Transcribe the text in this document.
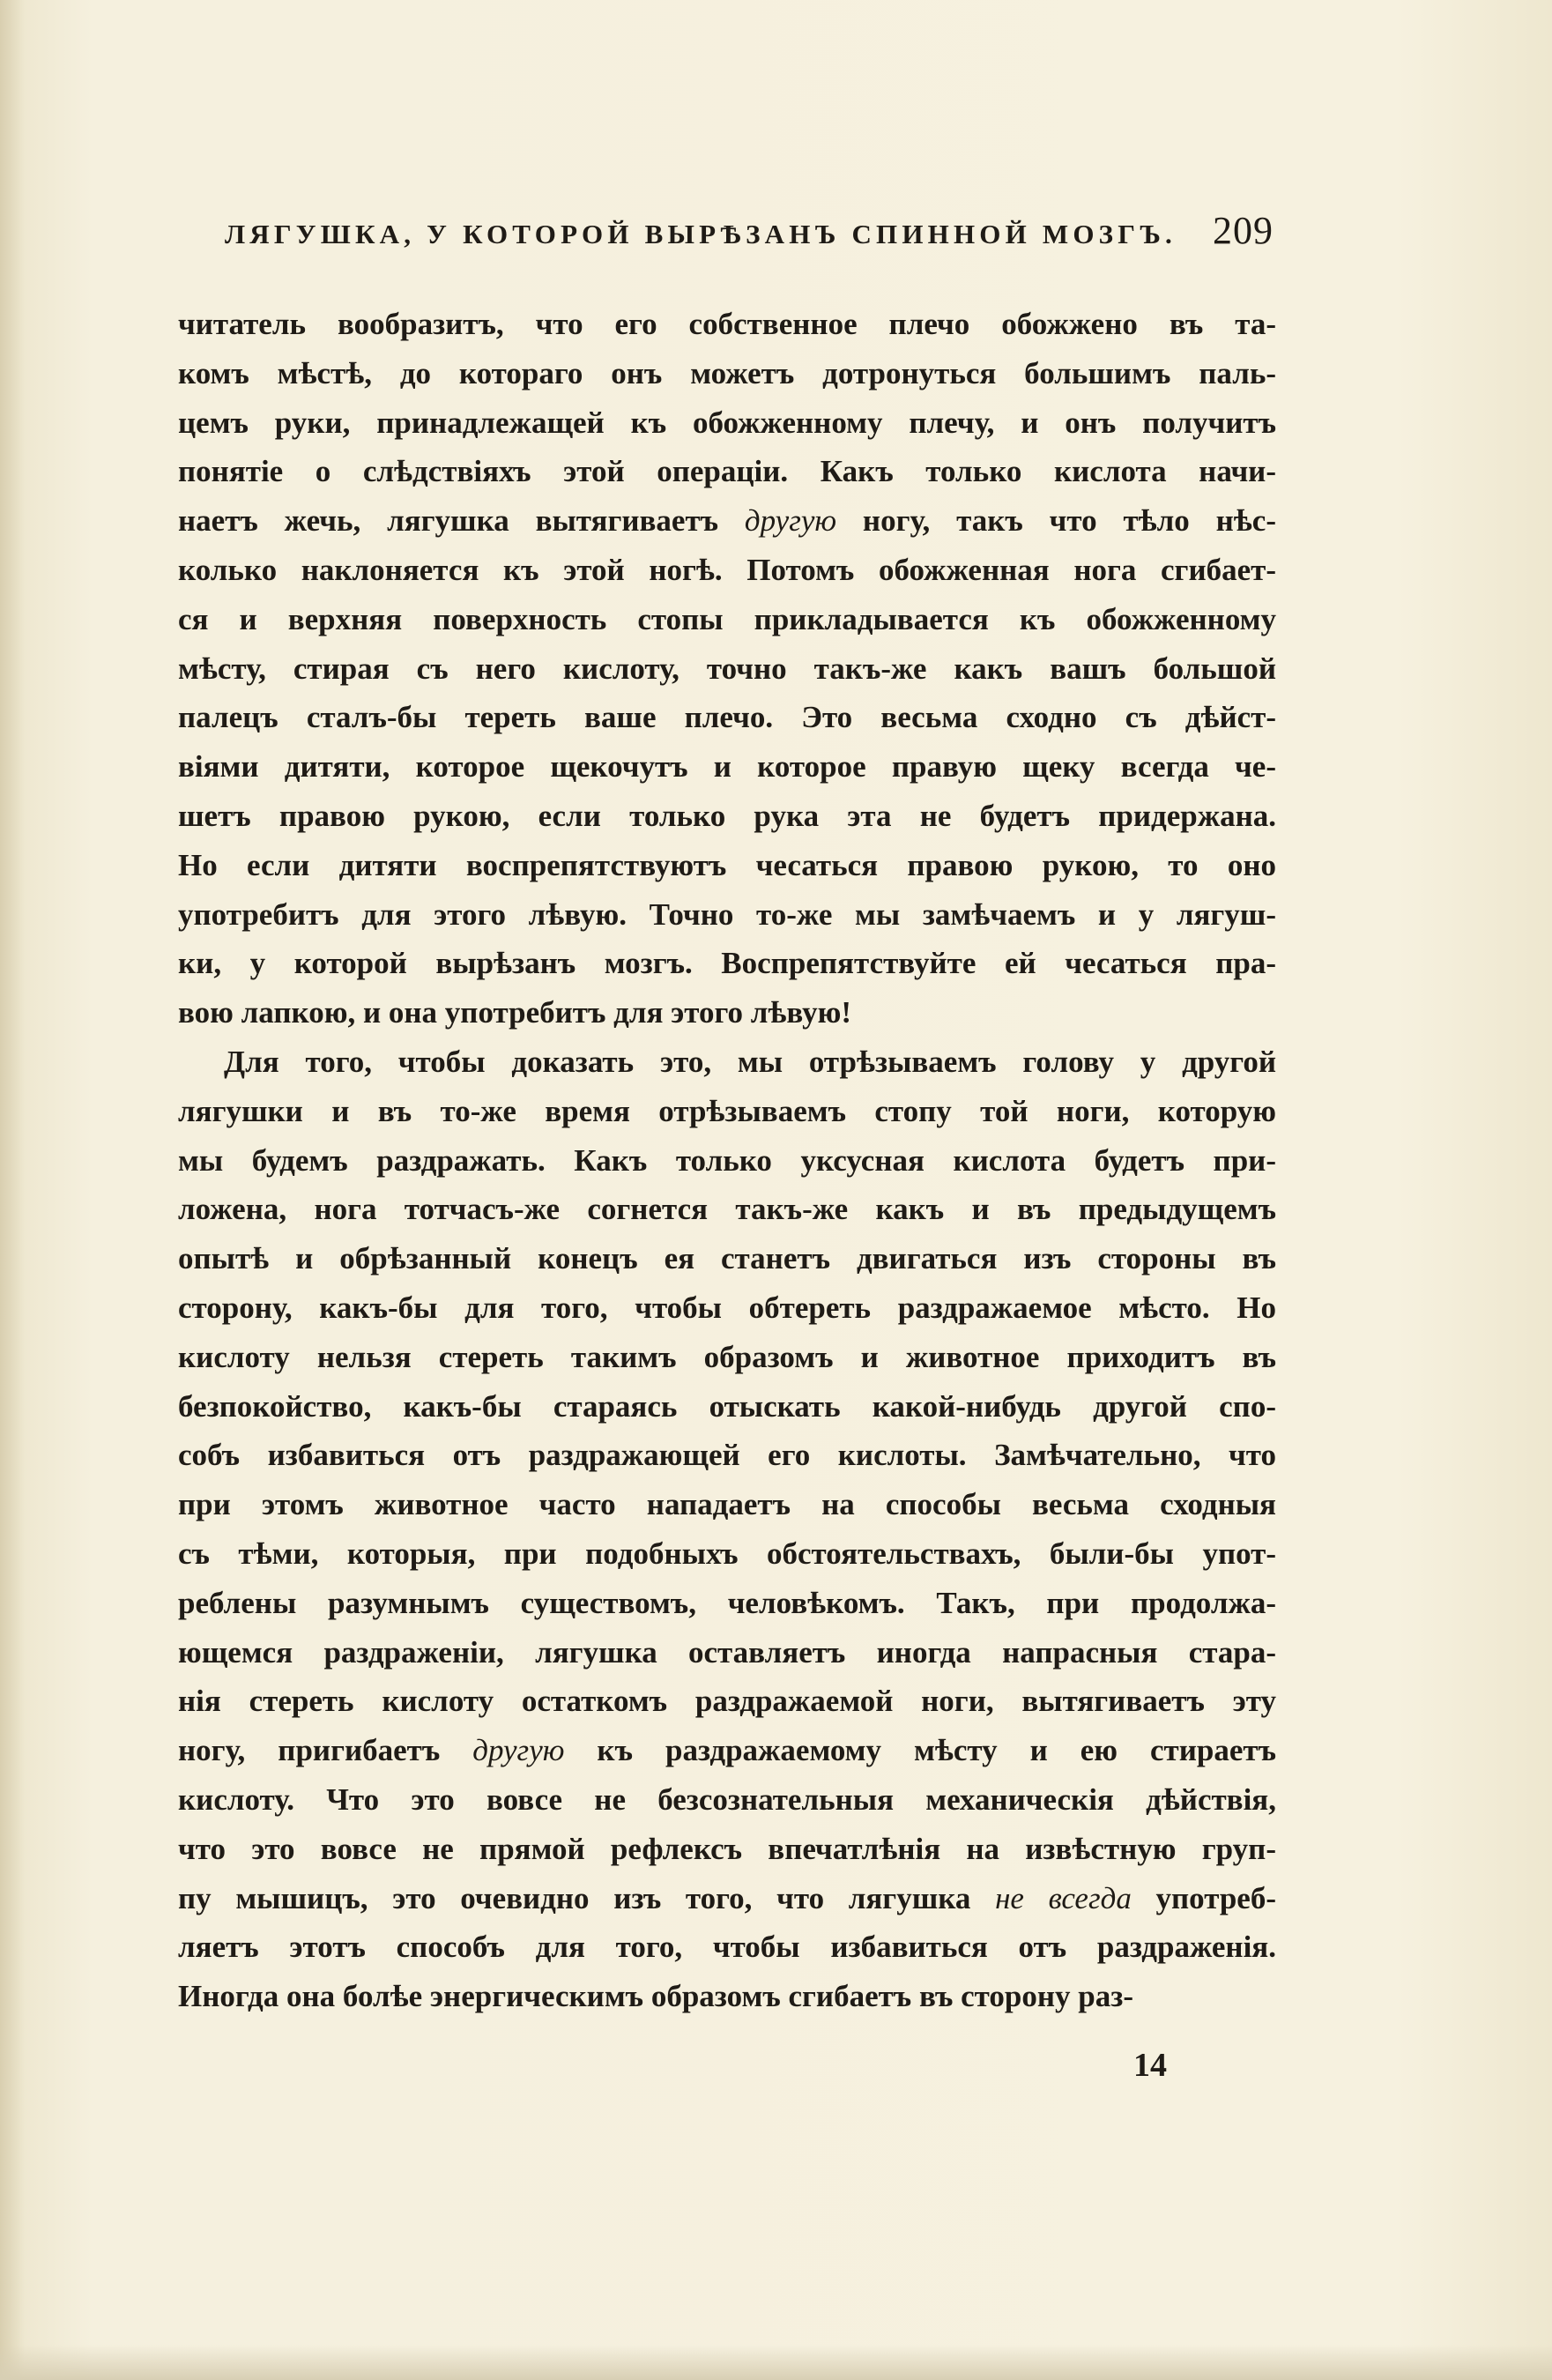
ЛЯГУШКА, У КОТОРОЙ ВЫРѢЗАНЪ СПИННОЙ МОЗГЪ. 209
читатель вообразитъ, что его собственное плечо обожжено въ та-
комъ мѣстѣ, до котораго онъ можетъ дотронуться большимъ паль-
цемъ руки, принадлежащей къ обожженному плечу, и онъ получитъ
понятіе о слѣдствіяхъ этой операціи. Какъ только кислота начи-
наетъ жечь, лягушка вытягиваетъ другую ногу, такъ что тѣло нѣс-
колько наклоняется къ этой ногѣ. Потомъ обожженная нога сгибает-
ся и верхняя поверхность стопы прикладывается къ обожженному
мѣсту, стирая съ него кислоту, точно такъ-же какъ вашъ большой
палецъ сталъ-бы тереть ваше плечо. Это весьма сходно съ дѣйст-
віями дитяти, которое щекочутъ и которое правую щеку всегда че-
шетъ правою рукою, если только рука эта не будетъ придержана.
Но если дитяти воспрепятствуютъ чесаться правою рукою, то оно
употребитъ для этого лѣвую. Точно то-же мы замѣчаемъ и у лягуш-
ки, у которой вырѣзанъ мозгъ. Воспрепятствуйте ей чесаться пра-
вою лапкою, и она употребитъ для этого лѣвую!
Для того, чтобы доказать это, мы отрѣзываемъ голову у другой
лягушки и въ то-же время отрѣзываемъ стопу той ноги, которую
мы будемъ раздражать. Какъ только уксусная кислота будетъ при-
ложена, нога тотчасъ-же согнется такъ-же какъ и въ предыдущемъ
опытѣ и обрѣзанный конецъ ея станетъ двигаться изъ стороны въ
сторону, какъ-бы для того, чтобы обтереть раздражаемое мѣсто. Но
кислоту нельзя стереть такимъ образомъ и животное приходитъ въ
безпокойство, какъ-бы стараясь отыскать какой-нибудь другой спо-
собъ избавиться отъ раздражающей его кислоты. Замѣчательно, что
при этомъ животное часто нападаетъ на способы весьма сходныя
съ тѣми, которыя, при подобныхъ обстоятельствахъ, были-бы упот-
реблены разумнымъ существомъ, человѣкомъ. Такъ, при продолжа-
ющемся раздраженіи, лягушка оставляетъ иногда напрасныя стара-
нія стереть кислоту остаткомъ раздражаемой ноги, вытягиваетъ эту
ногу, пригибаетъ другую къ раздражаемому мѣсту и ею стираетъ
кислоту. Что это вовсе не безсознательныя механическія дѣйствія,
что это вовсе не прямой рефлексъ впечатлѣнія на извѣстную груп-
пу мышицъ, это очевидно изъ того, что лягушка не всегда употреб-
ляетъ этотъ способъ для того, чтобы избавиться отъ раздраженія.
Иногда она болѣе энергическимъ образомъ сгибаетъ въ сторону раз-
14
